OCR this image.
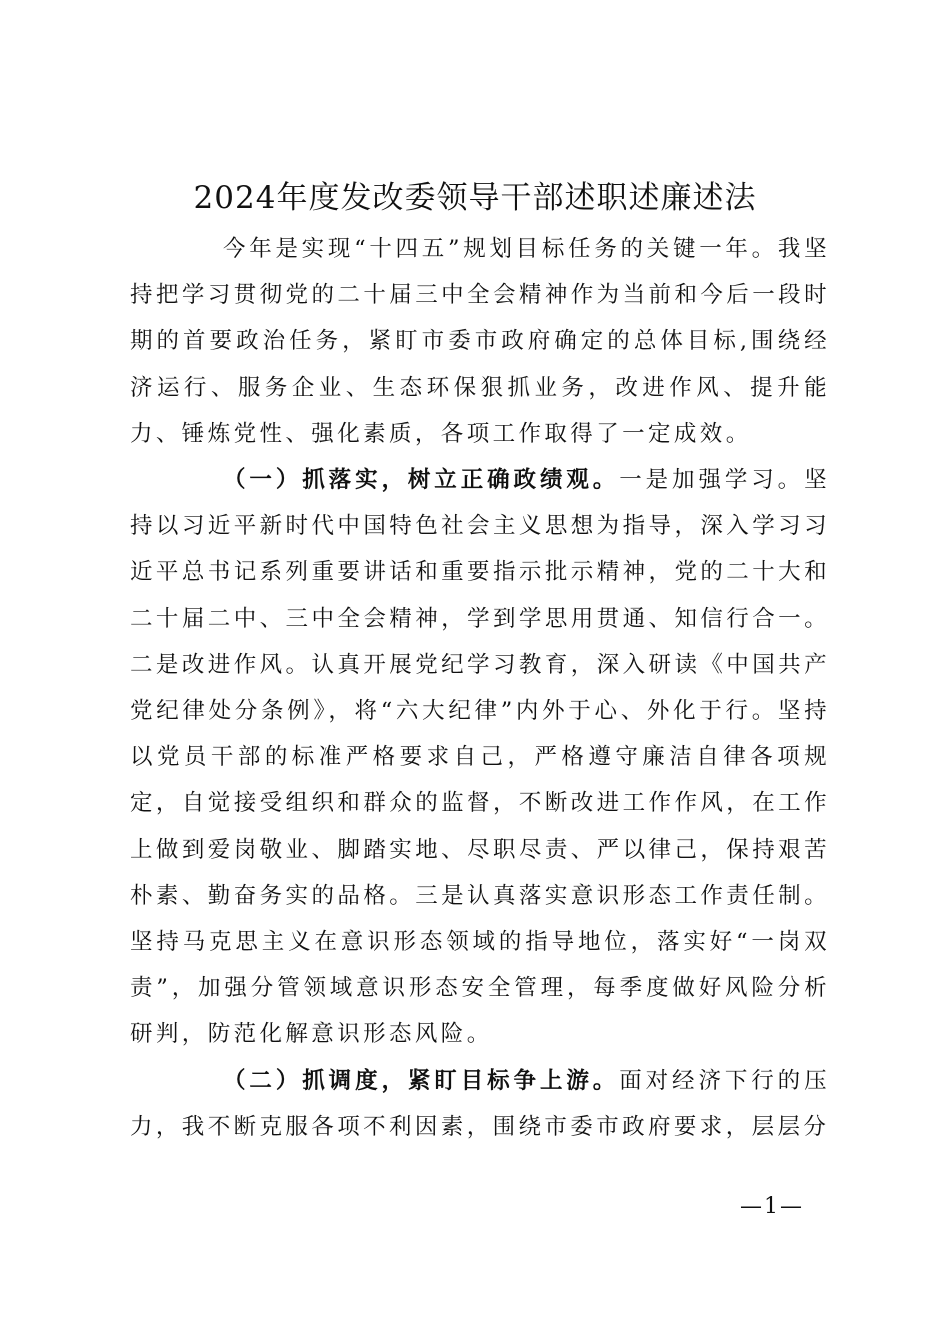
2024年度发改委领导干部述职述廉述法

今年是实现“十四五”规划目标任务的关键一年。我坚持把学习贯彻党的二十届三中全会精神作为当前和今后一段时期的首要政治任务，紧盯市委市政府确定的总体目标,围绕经济运行、服务企业、生态环保狠抓业务，改进作风、提升能力、锤炼党性、强化素质，各项工作取得了一定成效。

（一）抓落实，树立正确政绩观。一是加强学习。坚持以习近平新时代中国特色社会主义思想为指导，深入学习习近平总书记系列重要讲话和重要指示批示精神，党的二十大和二十届二中、三中全会精神，学到学思用贯通、知信行合一。二是改进作风。认真开展党纪学习教育，深入研读《中国共产党纪律处分条例》，将“六大纪律”内外于心、外化于行。坚持以党员干部的标准严格要求自己，严格遵守廉洁自律各项规定，自觉接受组织和群众的监督，不断改进工作作风，在工作上做到爱岗敬业、脚踏实地、尽职尽责、严以律己，保持艰苦朴素、勤奋务实的品格。三是认真落实意识形态工作责任制。坚持马克思主义在意识形态领域的指导地位，落实好“一岗双责”，加强分管领域意识形态安全管理，每季度做好风险分析研判，防范化解意识形态风险。

（二）抓调度，紧盯目标争上游。面对经济下行的压力，我不断克服各项不利因素，围绕市委市政府要求，层层分

—1—
